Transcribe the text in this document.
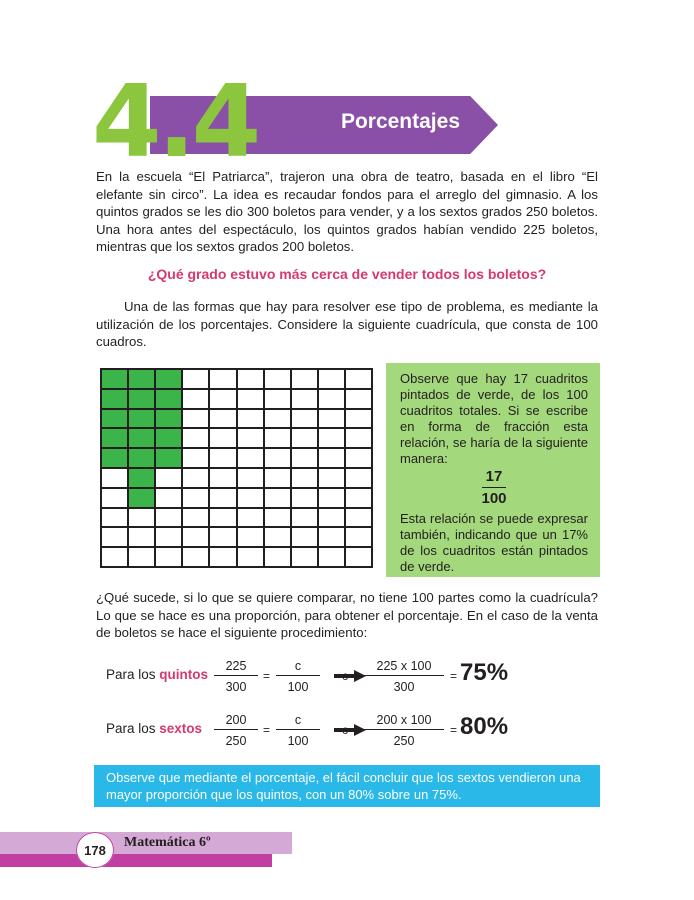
4.4	Porcentajes
En la escuela “El Patriarca”, trajeron una obra de teatro, basada en el libro “El elefante sin circo”. La idea es recaudar fondos para el arreglo del gimnasio. A los quintos grados se les dio 300 boletos para vender, y a los sextos grados 250 boletos. Una hora antes del espectáculo, los quintos grados habían vendido 225 boletos, mientras que los sextos grados 200 boletos.
¿Qué grado estuvo más cerca de vender todos los boletos?
Una de las formas que hay para resolver ese tipo de problema, es mediante la utilización de los porcentajes. Considere la siguiente cuadrícula, que consta de 100 cuadros.
Observe que hay 17 cuadritos pintados de verde, de los 100 cuadritos totales. Si se escribe en forma de fracción esta relación, se haría de la siguiente manera:
17
100
Esta relación se puede expresar también, indicando que un 17% de los cuadritos están pintados de verde.
¿Qué sucede, si lo que se quiere comparar, no tiene 100 partes como la cuadrícula? Lo que se hace es una proporción, para obtener el porcentaje. En el caso de la venta de boletos se hace el siguiente procedimiento:
Para los quintos $\frac{225}{300} = \frac{c}{100}$ $c = \frac{225 x 100}{300} = 75\%$
Para los sextos $\frac{200}{250} = \frac{c}{100}$ $c = \frac{200 x 100}{250} = 80\%$
Observe que mediante el porcentaje, el fácil concluir que los sextos vendieron una mayor proporción que los quintos, con un 80% sobre un 75%.
178	Matemática 6º
